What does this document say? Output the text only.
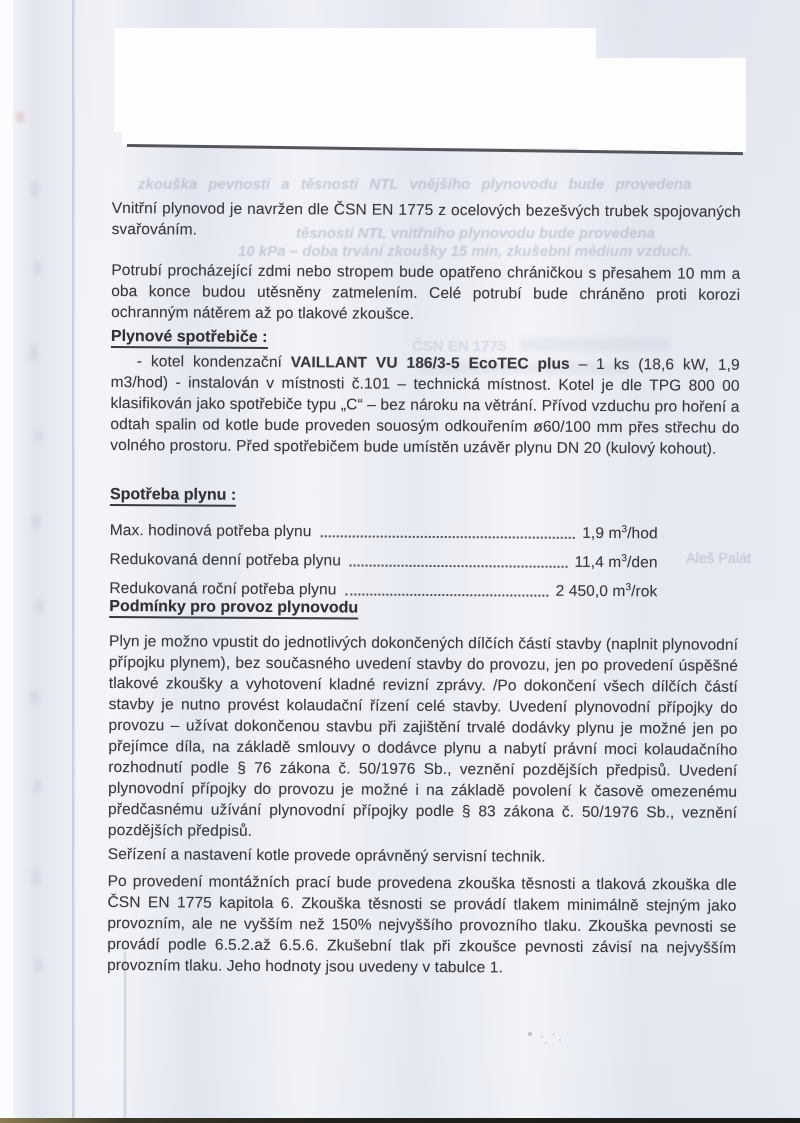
zkouška pevnosti a těsnosti NTL vnějšího plynovodu bude provedena
těsnosti NTL vnitřního plynovodu bude provedena
10 kPa – doba trvání zkoušky 15 min, zkušební médium vzduch.
ČSN EN 1775
Aleš Palát
Vnitřní plynovod je navržen dle ČSN EN 1775 z ocelových bezešvých trubek spojovaných svařováním.
Potrubí procházející zdmi nebo stropem bude opatřeno chráničkou s přesahem 10 mm a oba konce budou utěsněny zatmelením. Celé potrubí bude chráněno proti korozi ochranným nátěrem až po tlakové zkoušce.
Plynové spotřebiče :
- kotel kondenzační VAILLANT VU 186/3-5 EcoTEC plus – 1 ks (18,6 kW, 1,9 m3/hod) - instalován v místnosti č.101 – technická místnost. Kotel je dle TPG 800 00 klasifikován jako spotřebiče typu „C“ – bez nároku na větrání. Přívod vzduchu pro hoření a odtah spalin od kotle bude proveden souosým odkouřením ø60/100 mm přes střechu do volného prostoru. Před spotřebičem bude umístěn uzávěr plynu DN 20 (kulový kohout).
Spotřeba plynu :
Max. hodinová potřeba plynu	1,9 $m^3$/hod
Redukovaná denní potřeba plynu	11,4 $m^3$/den
Redukovaná roční potřeba plynu	2 450,0 $m^3$/rok
Podmínky pro provoz plynovodu
Plyn je možno vpustit do jednotlivých dokončených dílčích částí stavby (naplnit plynovodní přípojku plynem), bez současného uvedení stavby do provozu, jen po provedení úspěšné tlakové zkoušky a vyhotovení kladné revizní zprávy. /Po dokončení všech dílčích částí stavby je nutno provést kolaudační řízení celé stavby. Uvedení plynovodní přípojky do provozu – užívat dokončenou stavbu při zajištění trvalé dodávky plynu je možné jen po přejímce díla, na základě smlouvy o dodávce plynu a nabytí právní moci kolaudačního rozhodnutí podle § 76 zákona č. 50/1976 Sb., veznění pozdějších předpisů. Uvedení plynovodní přípojky do provozu je možné i na základě povolení k časově omezenému předčasnému užívání plynovodní přípojky podle § 83 zákona č. 50/1976 Sb., veznění pozdějších předpisů.
Seřízení a nastavení kotle provede oprávněný servisní technik.
Po provedení montážních prací bude provedena zkouška těsnosti a tlaková zkouška dle ČSN EN 1775 kapitola 6. Zkouška těsnosti se provádí tlakem minimálně stejným jako provozním, ale ne vyšším než 150% nejvyššího provozního tlaku. Zkouška pevnosti se provádí podle 6.5.2.až 6.5.6. Zkušební tlak při zkoušce pevnosti závisí na nejvyšším provozním tlaku. Jeho hodnoty jsou uvedeny v tabulce 1.
